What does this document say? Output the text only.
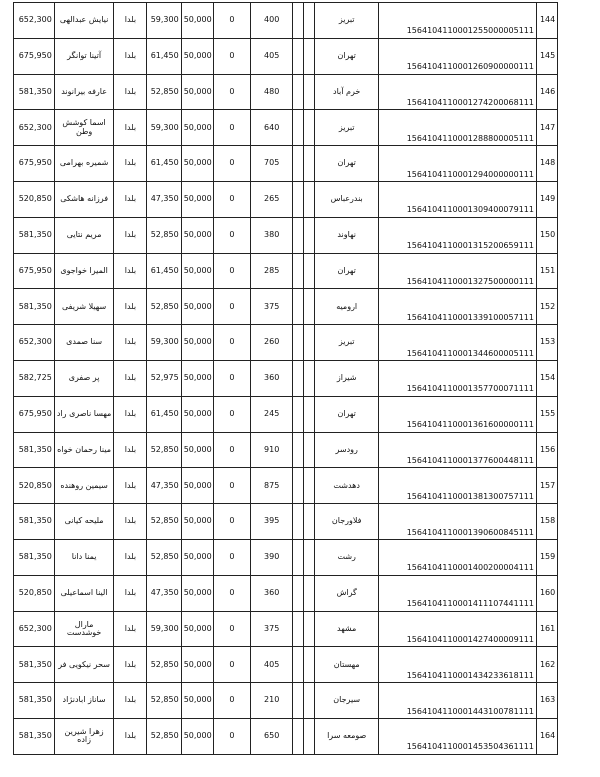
652,300	نیایش عبدالهی	بلدا	59,300	50,000	0	400			تبریز	1564104110001255000005111	144
675,950	آتینا توانگر	بلدا	61,450	50,000	0	405			تهران	1564104110001260900000111	145
581,350	عارفه بیرانوند	بلدا	52,850	50,000	0	480			خرم آباد	1564104110001274200068111	146
652,300	اسما کوشش وطن	بلدا	59,300	50,000	0	640			تبریز	1564104110001288800005111	147
675,950	شمیره بهرامی	بلدا	61,450	50,000	0	705			تهران	1564104110001294000000111	148
520,850	فرزانه هاشکی	بلدا	47,350	50,000	0	265			بندرعباس	1564104110001309400079111	149
581,350	مریم نتایی	بلدا	52,850	50,000	0	380			نهاوند	1564104110001315200659111	150
675,950	المیرا خواجوی	بلدا	61,450	50,000	0	285			تهران	1564104110001327500000111	151
581,350	سهیلا شریفی	بلدا	52,850	50,000	0	375			ارومیه	1564104110001339100057111	152
652,300	سنا صمدی	بلدا	59,300	50,000	0	260			تبریز	1564104110001344600005111	153
582,725	پر صفری	بلدا	52,975	50,000	0	360			شیراز	1564104110001357700071111	154
675,950	مهسا ناصری راد	بلدا	61,450	50,000	0	245			تهران	1564104110001361600000111	155
581,350	مینا رحمان خواه	بلدا	52,850	50,000	0	910			رودسر	1564104110001377600448111	156
520,850	سیمین روهنده	بلدا	47,350	50,000	0	875			دهدشت	1564104110001381300757111	157
581,350	ملیحه کیانی	بلدا	52,850	50,000	0	395			فلاورجان	1564104110001390600845111	158
581,350	یمنا دانا	بلدا	52,850	50,000	0	390			رشت	1564104110001400200004111	159
520,850	الینا اسماعیلی	بلدا	47,350	50,000	0	360			گراش	1564104110001411107441111	160
652,300	مارال خوشدست	بلدا	59,300	50,000	0	375			مشهد	1564104110001427400009111	161
581,350	سحر نیکویی فر	بلدا	52,850	50,000	0	405			مهستان	1564104110001434233618111	162
581,350	ساناز ابادنژاد	بلدا	52,850	50,000	0	210			سیرجان	1564104110001443100781111	163
581,350	زهرا شیرین زاده	بلدا	52,850	50,000	0	650			صومعه سرا	1564104110001453504361111	164
